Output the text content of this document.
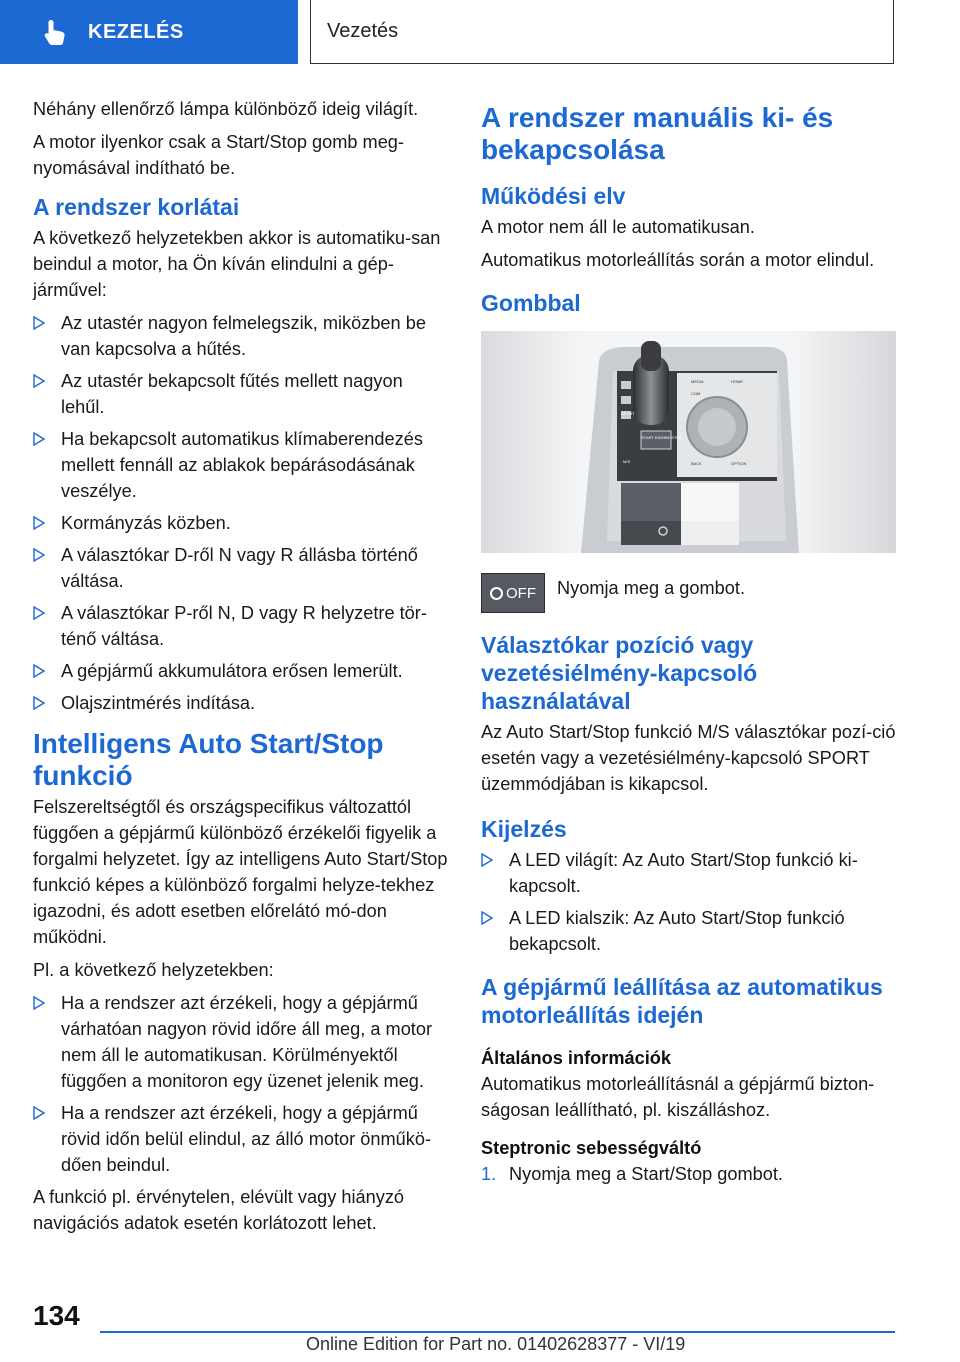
KEZELÉS	Vezetés

Néhány ellenőrző lámpa különböző ideig világít.

A motor ilyenkor csak a Start/Stop gomb meg‐nyomásával indítható be.

A rendszer korlátai

A következő helyzetekben akkor is automatiku‐san beindul a motor, ha Ön kíván elindulni a gép‐járművel:

Az utastér nagyon felmelegszik, miközben be van kapcsolva a hűtés.
Az utastér bekapcsolt fűtés mellett nagyon lehűl.
Ha bekapcsolt automatikus klímaberendezés mellett fennáll az ablakok bepárásodásának veszélye.
Kormányzás közben.
A választókar D-ről N vagy R állásba történő váltása.
A választókar P-ről N, D vagy R helyzetre tör‐ténő váltása.
A gépjármű akkumulátora erősen lemerült.
Olajszintmérés indítása.
Intelligens Auto Start/Stop funkció

Felszereltségtől és országspecifikus változattól függően a gépjármű különböző érzékelői figyelik a forgalmi helyzetet. Így az intelligens Auto Start/Stop funkció képes a különböző forgalmi helyze‐tekhez igazodni, és adott esetben előrelátó mó‐don működni.

Pl. a következő helyzetekben:

Ha a rendszer azt érzékeli, hogy a gépjármű várhatóan nagyon rövid időre áll meg, a motor nem áll le automatikusan. Körülményektől függően a monitoron egy üzenet jelenik meg.
Ha a rendszer azt érzékeli, hogy a gépjármű rövid időn belül elindul, az álló motor önműkö‐dően beindul.

A funkció pl. érvénytelen, elévült vagy hiányzó navigációs adatok esetén korlátozott lehet.

A rendszer manuális ki- és bekapcsolása
Működési elv

A motor nem áll le automatikusan.

Automatikus motorleállítás során a motor elindul.

Gombbal
START ENGINE STOP
SPORT
MEDIA	HOME
COM
BACK	OPTION
M/S
OFF Nyomja meg a gombot.

Választókar pozíció vagy vezetésiélmény-kapcsoló használatával

Az Auto Start/Stop funkció M/S választókar pozí‐ció esetén vagy a vezetésiélmény-kapcsoló SPORT üzemmódjában is kikapcsol.

Kijelzés
A LED világít: Az Auto Start/Stop funkció ki‐kapcsolt.
A LED kialszik: Az Auto Start/Stop funkció bekapcsolt.
A gépjármű leállítása az automatikus motorleállítás idején
Általános információk

Automatikus motorleállításnál a gépjármű bizton‐ságosan leállítható, pl. kiszálláshoz.

Steptronic sebességváltó
1. Nyomja meg a Start/Stop gombot.
134
Online Edition for Part no. 01402628377 - VI/19
